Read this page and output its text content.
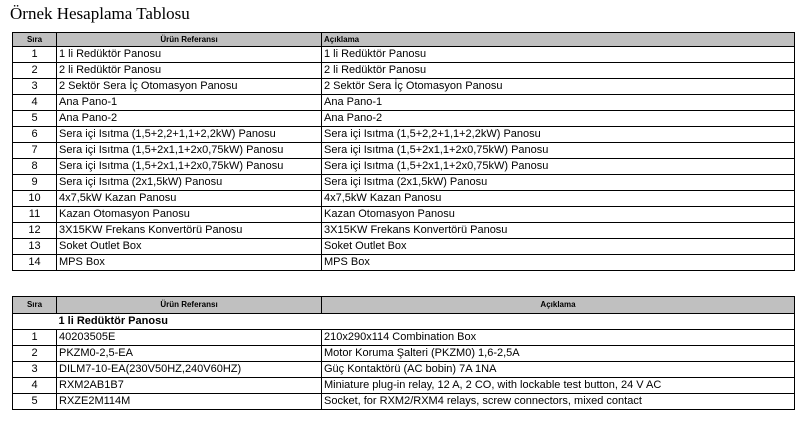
Örnek Hesaplama Tablosu
Sıra	Ürün Referansı	Açıklama
1	1 li Redüktör Panosu	1 li Redüktör Panosu
2	2 li Redüktör Panosu	2 li Redüktör Panosu
3	2 Sektör Sera İç Otomasyon Panosu	2 Sektör Sera İç Otomasyon Panosu
4	Ana Pano-1	Ana Pano-1
5	Ana Pano-2	Ana Pano-2
6	Sera içi Isıtma (1,5+2,2+1,1+2,2kW) Panosu	Sera içi Isıtma (1,5+2,2+1,1+2,2kW) Panosu
7	Sera içi Isıtma (1,5+2x1,1+2x0,75kW) Panosu	Sera içi Isıtma (1,5+2x1,1+2x0,75kW) Panosu
8	Sera içi Isıtma (1,5+2x1,1+2x0,75kW) Panosu	Sera içi Isıtma (1,5+2x1,1+2x0,75kW) Panosu
9	Sera içi Isıtma (2x1,5kW) Panosu	Sera içi Isıtma (2x1,5kW) Panosu
10	4x7,5kW Kazan Panosu	4x7,5kW Kazan Panosu
11	Kazan Otomasyon Panosu	Kazan Otomasyon Panosu
12	3X15KW Frekans Konvertörü Panosu	3X15KW Frekans Konvertörü Panosu
13	Soket Outlet Box	Soket Outlet Box
14	MPS Box	MPS Box
Sıra	Ürün Referansı	Açıklama
	1 li Redüktör Panosu	
1	40203505E	210x290x114 Combination Box
2	PKZM0-2,5-EA	Motor Koruma Şalteri (PKZM0) 1,6-2,5A
3	DILM7-10-EA(230V50HZ,240V60HZ)	Güç Kontaktörü (AC bobin) 7A 1NA
4	RXM2AB1B7	Miniature plug-in relay, 12 A, 2 CO, with lockable test button, 24 V AC
5	RXZE2M114M	Socket, for RXM2/RXM4 relays, screw connectors, mixed contact
